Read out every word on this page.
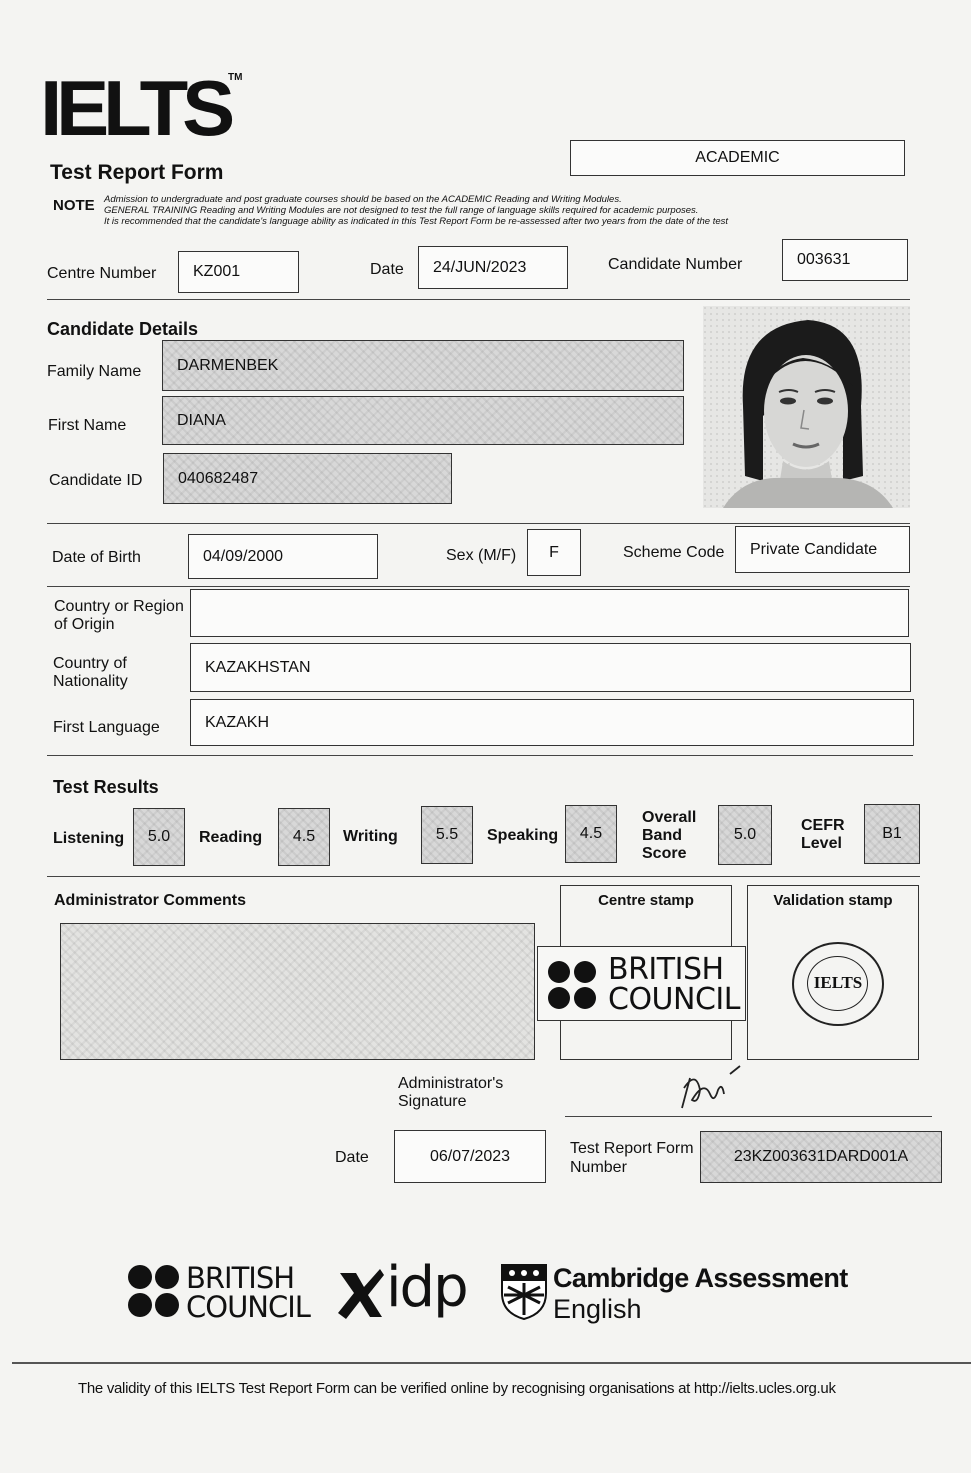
IELTS
TM
Test Report Form
ACADEMIC
NOTE Admission to undergraduate and post graduate courses should be based on the ACADEMIC Reading and Writing Modules.
GENERAL TRAINING Reading and Writing Modules are not designed to test the full range of language skills required for academic purposes.
It is recommended that the candidate's language ability as indicated in this Test Report Form be re-assessed after two years from the date of the test
Centre Number KZ001	Date 24/JUN/2023	Candidate Number	003631
Candidate Details
Family Name DARMENBEK
First Name	DIANA
Candidate ID 040682487
Date of Birth	04/09/2000	Sex (M/F) F	Scheme Code Private Candidate
Country or Region
of Origin
Country of
Nationality
KAZAKHSTAN
First Language	KAZAKH
Test Results
Listening 5.0 Reading 4.5 Writing 5.5 Speaking 4.5
Overall
Band
Score
5.0
CEFR
Level
B1
Administrator Comments	Centre stamp
BRITISH
COUNCIL
Validation stamp
IELTS
Administrator's
Signature
Date	06/07/2023	Test Report Form
Number
23KZ003631DARD001A
BRITISH
COUNCIL idp	Cambridge Assessment
English
The validity of this IELTS Test Report Form can be verified online by recognising organisations at http://ielts.ucles.org.uk
